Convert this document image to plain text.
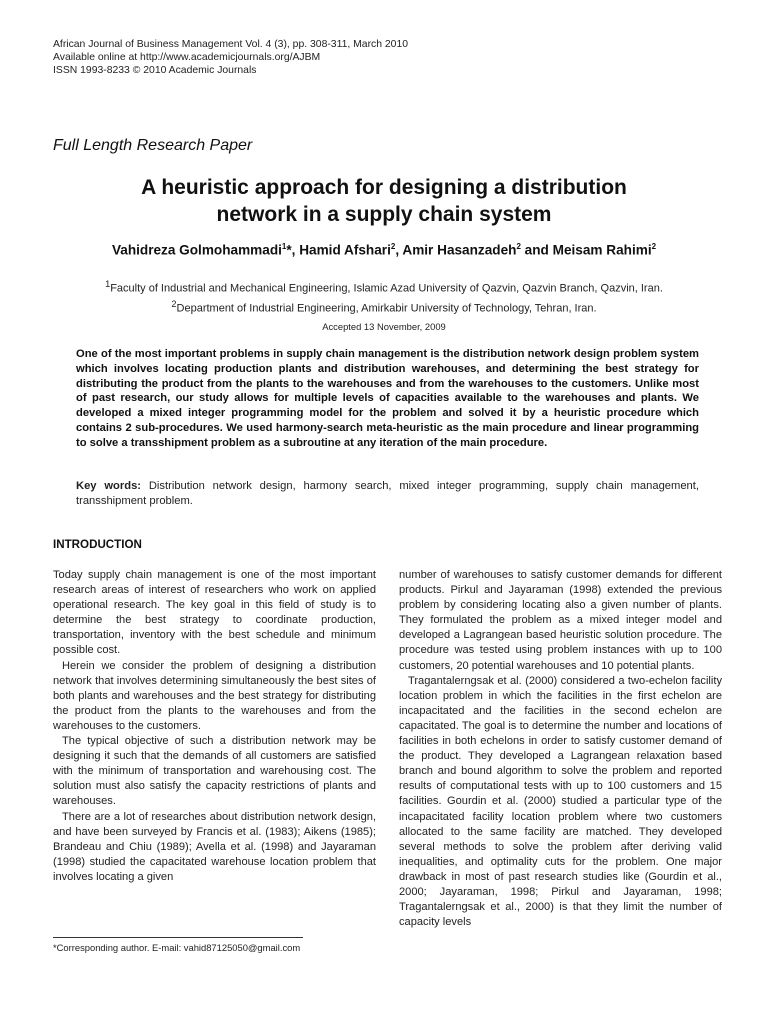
African Journal of Business Management Vol. 4 (3), pp. 308-311, March 2010
Available online at http://www.academicjournals.org/AJBM
ISSN 1993-8233 © 2010 Academic Journals
Full Length Research Paper
A heuristic approach for designing a distribution
network in a supply chain system
Vahidreza Golmohammadi$^1$*, Hamid Afshari$^2$, Amir Hasanzadeh$^2$ and Meisam Rahimi$^2$
$^1$Faculty of Industrial and Mechanical Engineering, Islamic Azad University of Qazvin, Qazvin Branch, Qazvin, Iran.
$^2$Department of Industrial Engineering, Amirkabir University of Technology, Tehran, Iran.
Accepted 13 November, 2009
One of the most important problems in supply chain management is the distribution network design problem system which involves locating production plants and distribution warehouses, and determining the best strategy for distributing the product from the plants to the warehouses and from the warehouses to the customers. Unlike most of past research, our study allows for multiple levels of capacities available to the warehouses and plants. We developed a mixed integer programming model for the problem and solved it by a heuristic procedure which contains 2 sub-procedures. We used harmony-search meta-heuristic as the main procedure and linear programming to solve a transshipment problem as a subroutine at any iteration of the main procedure.
Key words: Distribution network design, harmony search, mixed integer programming, supply chain management, transshipment problem.
INTRODUCTION

Today supply chain management is one of the most important research areas of interest of researchers who work on applied operational research. The key goal in this field of study is to determine the best strategy to coordinate production, transportation, inventory with the best schedule and minimum possible cost.

Herein we consider the problem of designing a distribution network that involves determining simultaneously the best sites of both plants and warehouses and the best strategy for distributing the product from the plants to the warehouses and from the warehouses to the customers.

The typical objective of such a distribution network may be designing it such that the demands of all customers are satisfied with the minimum of transportation and warehousing cost. The solution must also satisfy the capacity restrictions of plants and warehouses.

There are a lot of researches about distribution network design, and have been surveyed by Francis et al. (1983); Aikens (1985); Brandeau and Chiu (1989); Avella et al. (1998) and Jayaraman (1998) studied the capacitated warehouse location problem that involves locating a given

number of warehouses to satisfy customer demands for different products. Pirkul and Jayaraman (1998) extended the previous problem by considering locating also a given number of plants. They formulated the problem as a mixed integer model and developed a Lagrangean based heuristic solution procedure. The procedure was tested using problem instances with up to 100 customers, 20 potential warehouses and 10 potential plants.

Tragantalerngsak et al. (2000) considered a two-echelon facility location problem in which the facilities in the first echelon are incapacitated and the facilities in the second echelon are capacitated. The goal is to determine the number and locations of facilities in both echelons in order to satisfy customer demand of the product. They developed a Lagrangean relaxation based branch and bound algorithm to solve the problem and reported results of computational tests with up to 100 customers and 15 facilities. Gourdin et al. (2000) studied a particular type of the incapacitated facility location problem where two customers allocated to the same facility are matched. They developed several methods to solve the problem after deriving valid inequalities, and optimality cuts for the problem. One major drawback in most of past research studies like (Gourdin et al., 2000; Jayaraman, 1998; Pirkul and Jayaraman, 1998; Tragantalerngsak et al., 2000) is that they limit the number of capacity levels

*Corresponding author. E-mail: vahid87125050@gmail.com
